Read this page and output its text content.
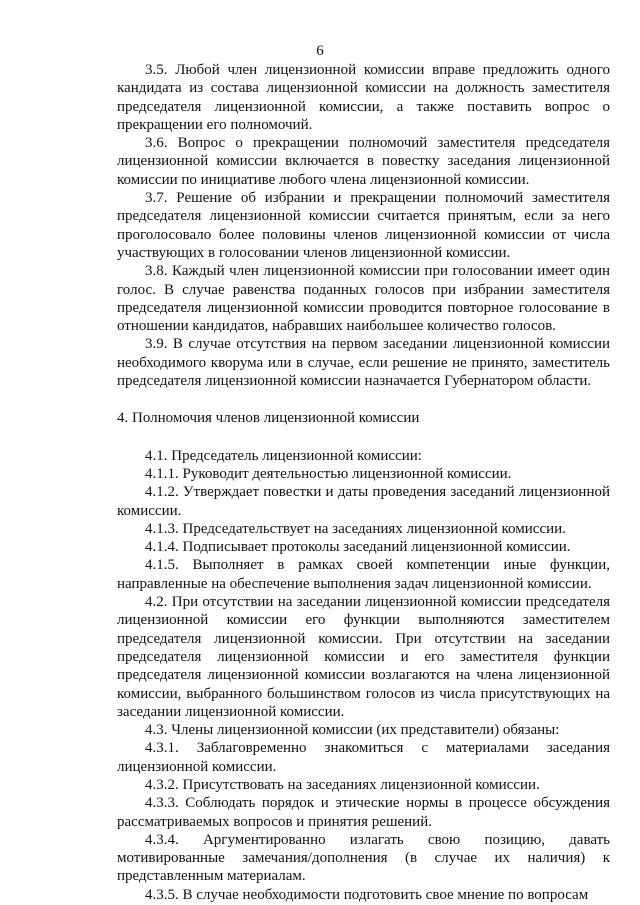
6

3.5. Любой член лицензионной комиссии вправе предложить одного кандидата из состава лицензионной комиссии на должность заместителя председателя лицензионной комиссии, а также поставить вопрос о прекращении его полномочий.

3.6. Вопрос о прекращении полномочий заместителя председателя лицензионной комиссии включается в повестку заседания лицензионной комиссии по инициативе любого члена лицензионной комиссии.

3.7. Решение об избрании и прекращении полномочий заместителя председателя лицензионной комиссии считается принятым, если за него проголосовало более половины членов лицензионной комиссии от числа участвующих в голосовании членов лицензионной комиссии.

3.8. Каждый член лицензионной комиссии при голосовании имеет один голос. В случае равенства поданных голосов при избрании заместителя председателя лицензионной комиссии проводится повторное голосование в отношении кандидатов, набравших наибольшее количество голосов.

3.9. В случае отсутствия на первом заседании лицензионной комиссии необходимого кворума или в случае, если решение не принято, заместитель председателя лицензионной комиссии назначается Губернатором области.

4. Полномочия членов лицензионной комиссии

4.1. Председатель лицензионной комиссии:

4.1.1. Руководит деятельностью лицензионной комиссии.

4.1.2. Утверждает повестки и даты проведения заседаний лицензионной комиссии.

4.1.3. Председательствует на заседаниях лицензионной комиссии.

4.1.4. Подписывает протоколы заседаний лицензионной комиссии.

4.1.5. Выполняет в рамках своей компетенции иные функции, направленные на обеспечение выполнения задач лицензионной комиссии.

4.2. При отсутствии на заседании лицензионной комиссии председателя лицензионной комиссии его функции выполняются заместителем председателя лицензионной комиссии. При отсутствии на заседании председателя лицензионной комиссии и его заместителя функции председателя лицензионной комиссии возлагаются на члена лицензионной комиссии, выбранного большинством голосов из числа присутствующих на заседании лицензионной комиссии.

4.3. Члены лицензионной комиссии (их представители) обязаны:

4.3.1. Заблаговременно знакомиться с материалами заседания лицензионной комиссии.

4.3.2. Присутствовать на заседаниях лицензионной комиссии.

4.3.3. Соблюдать порядок и этические нормы в процессе обсуждения рассматриваемых вопросов и принятия решений.

4.3.4. Аргументированно излагать свою позицию, давать мотивированные замечания/дополнения (в случае их наличия) к представленным материалам.

4.3.5. В случае необходимости подготовить свое мнение по вопросам
